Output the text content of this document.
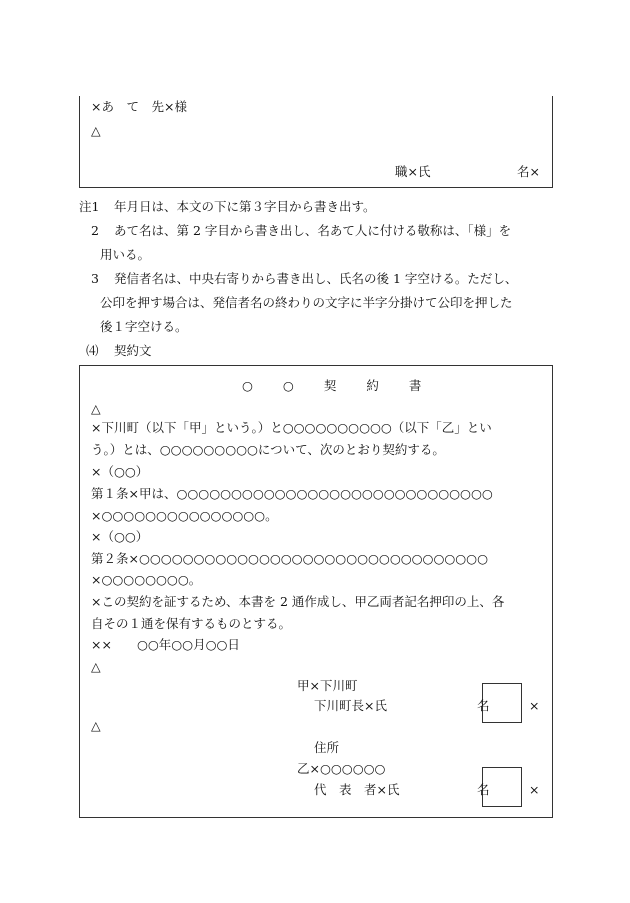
×あ　て　先×様
△
職×氏	名×
注1 年月日は、本文の下に第３字目から書き出す。
2 あて名は、第 2 字目から書き出し、名あて人に付ける敬称は、「様」を
用いる。
3 発信者名は、中央右寄りから書き出し、氏名の後 1 字空ける。ただし、
公印を押す場合は、発信者名の終わりの文字に半字分掛けて公印を押した
後１字空ける。
⑷ 契約文
○ ○ 契 約 書
△
×下川町（以下「甲」という。）と○○○○○○○○○○（以下「乙」とい
う。）とは、○○○○○○○○○について、次のとおり契約する。
×（○○）
第１条×甲は、○○○○○○○○○○○○○○○○○○○○○○○○○○○○○
×○○○○○○○○○○○○○○○。
×（○○）
第２条×○○○○○○○○○○○○○○○○○○○○○○○○○○○○○○○○
×○○○○○○○○。
×この契約を証するため、本書を 2 通作成し、甲乙両者記名押印の上、各
自その１通を保有するものとする。
××　　○○年○○月○○日
△
甲×下川町
下川町長×氏	名	×
△
住所
乙×○○○○○○
代　表　者×氏	名	×
